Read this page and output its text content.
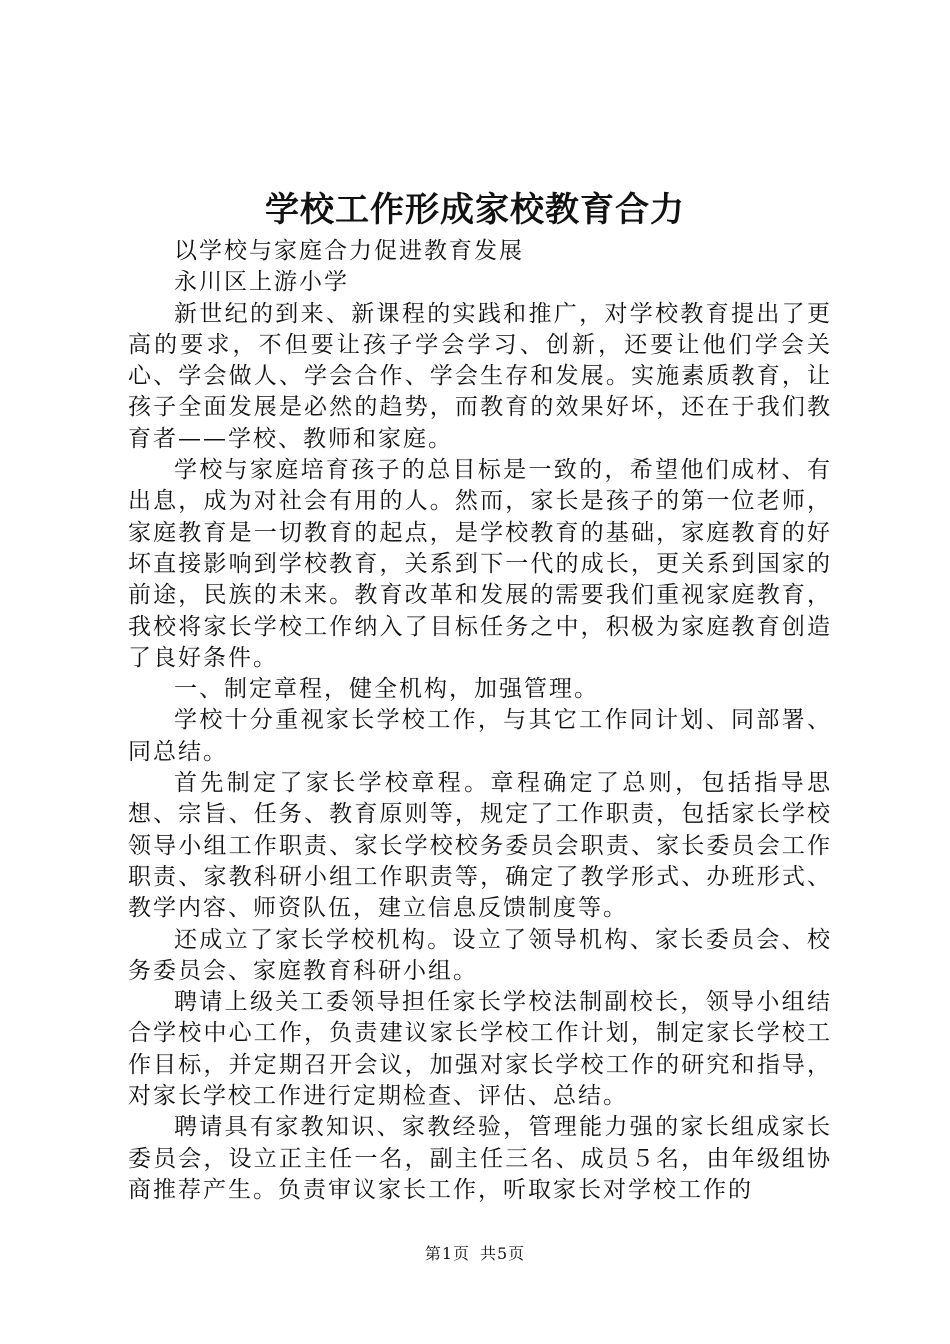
学校工作形成家校教育合力

以学校与家庭合力促进教育发展

永川区上游小学

新世纪的到来、新课程的实践和推广，对学校教育提出了更高的要求，不但要让孩子学会学习、创新，还要让他们学会关心、学会做人、学会合作、学会生存和发展。实施素质教育，让孩子全面发展是必然的趋势，而教育的效果好坏，还在于我们教育者——学校、教师和家庭。

学校与家庭培育孩子的总目标是一致的，希望他们成材、有出息，成为对社会有用的人。然而，家长是孩子的第一位老师，家庭教育是一切教育的起点，是学校教育的基础，家庭教育的好坏直接影响到学校教育，关系到下一代的成长，更关系到国家的前途，民族的未来。教育改革和发展的需要我们重视家庭教育，我校将家长学校工作纳入了目标任务之中，积极为家庭教育创造了良好条件。

一、制定章程，健全机构，加强管理。

学校十分重视家长学校工作，与其它工作同计划、同部署、同总结。

首先制定了家长学校章程。章程确定了总则，包括指导思想、宗旨、任务、教育原则等，规定了工作职责，包括家长学校领导小组工作职责、家长学校校务委员会职责、家长委员会工作职责、家教科研小组工作职责等，确定了教学形式、办班形式、教学内容、师资队伍，建立信息反馈制度等。

还成立了家长学校机构。设立了领导机构、家长委员会、校务委员会、家庭教育科研小组。

聘请上级关工委领导担任家长学校法制副校长，领导小组结合学校中心工作，负责建议家长学校工作计划，制定家长学校工作目标，并定期召开会议，加强对家长学校工作的研究和指导，对家长学校工作进行定期检查、评估、总结。

聘请具有家教知识、家教经验，管理能力强的家长组成家长委员会，设立正主任一名，副主任三名、成员５名，由年级组协商推荐产生。负责审议家长工作，听取家长对学校工作的

第1页 共5页
